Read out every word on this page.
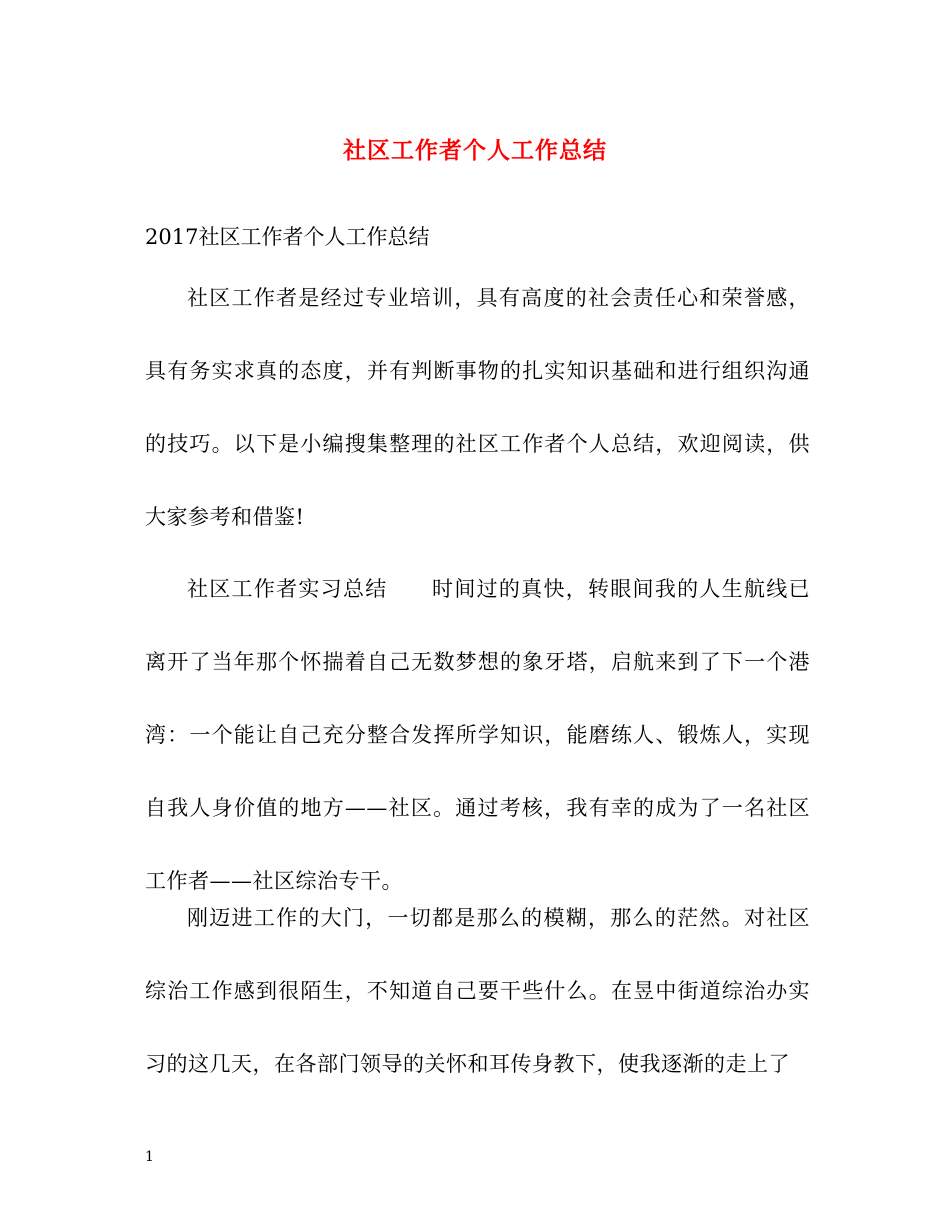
社区工作者个人工作总结
2017社区工作者个人工作总结

社区工作者是经过专业培训，具有高度的社会责任心和荣誉感，具有务实求真的态度，并有判断事物的扎实知识基础和进行组织沟通的技巧。以下是小编搜集整理的社区工作者个人总结，欢迎阅读，供大家参考和借鉴!

社区工作者实习总结　　时间过的真快，转眼间我的人生航线已离开了当年那个怀揣着自己无数梦想的象牙塔，启航来到了下一个港湾：一个能让自己充分整合发挥所学知识，能磨练人、锻炼人，实现自我人身价值的地方——社区。通过考核，我有幸的成为了一名社区工作者——社区综治专干。

刚迈进工作的大门，一切都是那么的模糊，那么的茫然。对社区综治工作感到很陌生，不知道自己要干些什么。在昱中街道综治办实习的这几天，在各部门领导的关怀和耳传身教下，使我逐渐的走上了

1
